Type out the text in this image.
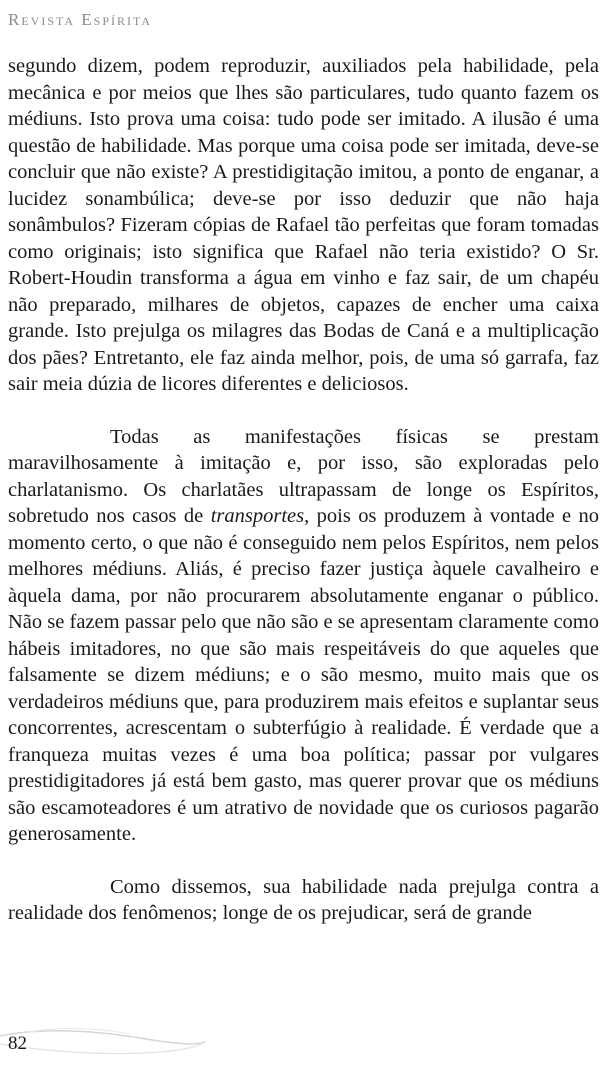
Revista Espírita

segundo dizem, podem reproduzir, auxiliados pela habilidade, pela mecânica e por meios que lhes são particulares, tudo quanto fazem os médiuns. Isto prova uma coisa: tudo pode ser imitado. A ilusão é uma questão de habilidade. Mas porque uma coisa pode ser imitada, deve-se concluir que não existe? A prestidigitação imitou, a ponto de enganar, a lucidez sonambúlica; deve-se por isso deduzir que não haja sonâmbulos? Fizeram cópias de Rafael tão perfeitas que foram tomadas como originais; isto significa que Rafael não teria existido? O Sr. Robert-Houdin transforma a água em vinho e faz sair, de um chapéu não preparado, milhares de objetos, capazes de encher uma caixa grande. Isto prejulga os milagres das Bodas de Caná e a multiplicação dos pães? Entretanto, ele faz ainda melhor, pois, de uma só garrafa, faz sair meia dúzia de licores diferentes e deliciosos.

Todas as manifestações físicas se prestam maravilhosamente à imitação e, por isso, são exploradas pelo charlatanismo. Os charlatães ultrapassam de longe os Espíritos, sobretudo nos casos de transportes, pois os produzem à vontade e no momento certo, o que não é conseguido nem pelos Espíritos, nem pelos melhores médiuns. Aliás, é preciso fazer justiça àquele cavalheiro e àquela dama, por não procurarem absolutamente enganar o público. Não se fazem passar pelo que não são e se apresentam claramente como hábeis imitadores, no que são mais respeitáveis do que aqueles que falsamente se dizem médiuns; e o são mesmo, muito mais que os verdadeiros médiuns que, para produzirem mais efeitos e suplantar seus concorrentes, acrescentam o subterfúgio à realidade. É verdade que a franqueza muitas vezes é uma boa política; passar por vulgares prestidigitadores já está bem gasto, mas querer provar que os médiuns são escamoteadores é um atrativo de novidade que os curiosos pagarão generosamente.

Como dissemos, sua habilidade nada prejulga contra a realidade dos fenômenos; longe de os prejudicar, será de grande

82
